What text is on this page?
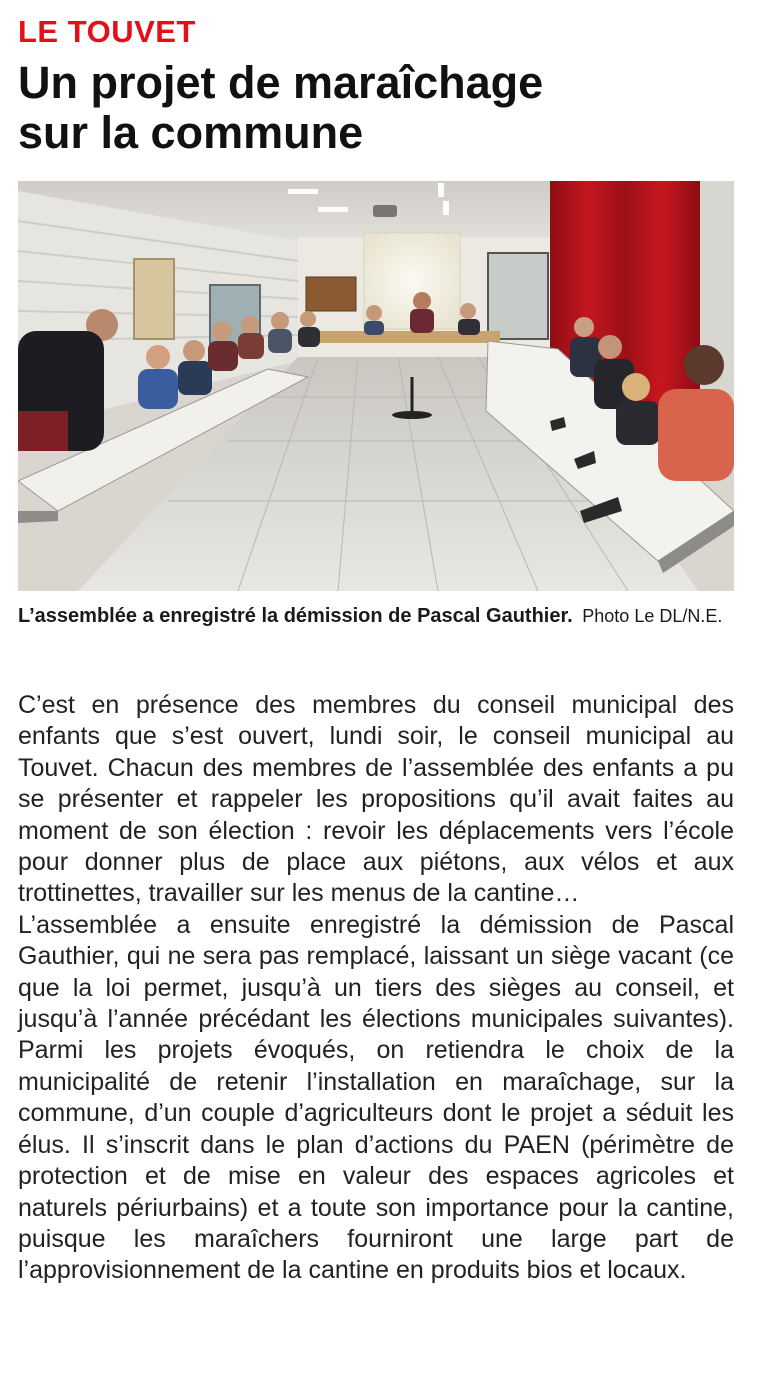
LE TOUVET
Un projet de maraîchage
sur la commune
L’assemblée a enregistré la démission de Pascal Gauthier. Photo Le DL/N.E.

C’est en présence des membres du conseil municipal des enfants que s’est ouvert, lundi soir, le conseil municipal au Touvet. Chacun des membres de l’assemblée des enfants a pu se présenter et rappeler les propositions qu’il avait faites au moment de son élection : revoir les déplacements vers l’école pour donner plus de place aux piétons, aux vélos et aux trottinettes, travailler sur les menus de la cantine…

L’assemblée a ensuite enregistré la démission de Pascal Gauthier, qui ne sera pas remplacé, laissant un siège vacant (ce que la loi permet, jusqu’à un tiers des sièges au conseil, et jusqu’à l’année précédant les élections municipales suivantes). Parmi les projets évoqués, on retiendra le choix de la municipalité de retenir l’installation en maraîchage, sur la commune, d’un couple d’agriculteurs dont le projet a séduit les élus. Il s’inscrit dans le plan d’actions du PAEN (périmètre de protection et de mise en valeur des espaces agricoles et naturels périurbains) et a toute son importance pour la cantine, puisque les maraîchers fourniront une large part de l’approvisionnement de la cantine en produits bios et locaux.
